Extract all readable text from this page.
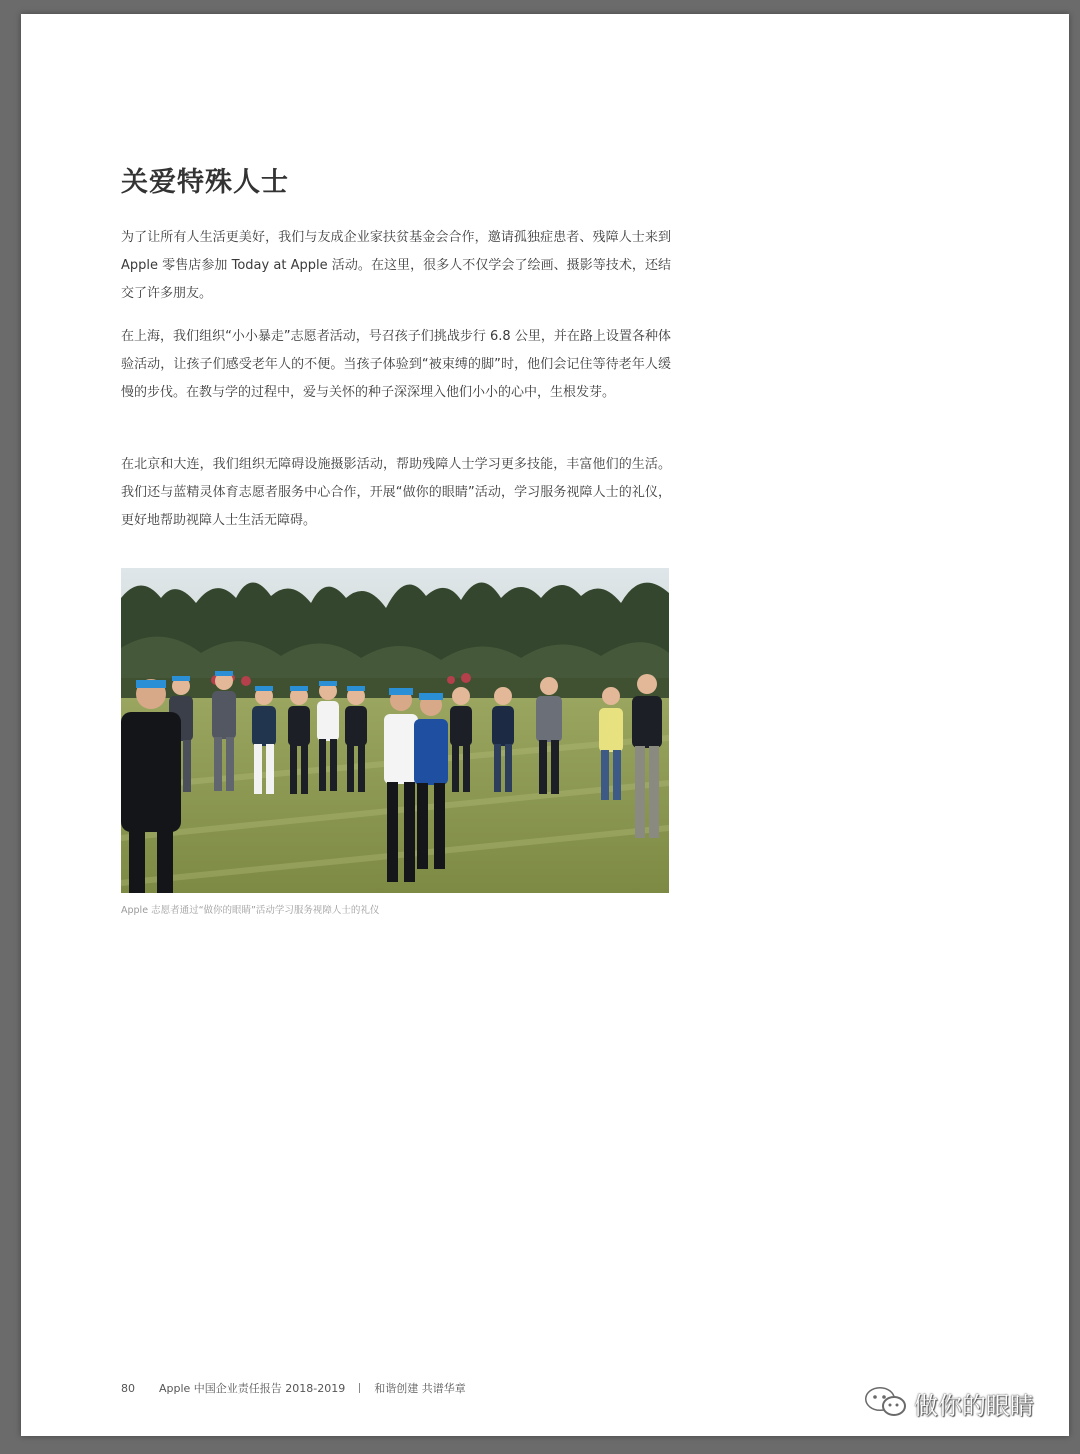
关爱特殊人士

为了让所有人生活更美好，我们与友成企业家扶贫基金会合作，邀请孤独症患者、残障人士来到 Apple 零售店参加 Today at Apple 活动。在这里，很多人不仅学会了绘画、摄影等技术，还结交了许多朋友。

在上海，我们组织“小小暴走”志愿者活动，号召孩子们挑战步行 6.8 公里，并在路上设置各种体验活动，让孩子们感受老年人的不便。当孩子体验到“被束缚的脚”时，他们会记住等待老年人缓慢的步伐。在教与学的过程中，爱与关怀的种子深深埋入他们小小的心中，生根发芽。

在北京和大连，我们组织无障碍设施摄影活动，帮助残障人士学习更多技能，丰富他们的生活。我们还与蓝精灵体育志愿者服务中心合作，开展“做你的眼睛”活动，学习服务视障人士的礼仪，更好地帮助视障人士生活无障碍。

Apple 志愿者通过“做你的眼睛”活动学习服务视障人士的礼仪
80 Apple 中国企业责任报告 2018-2019	和谐创建 共谱华章
做你的眼睛
